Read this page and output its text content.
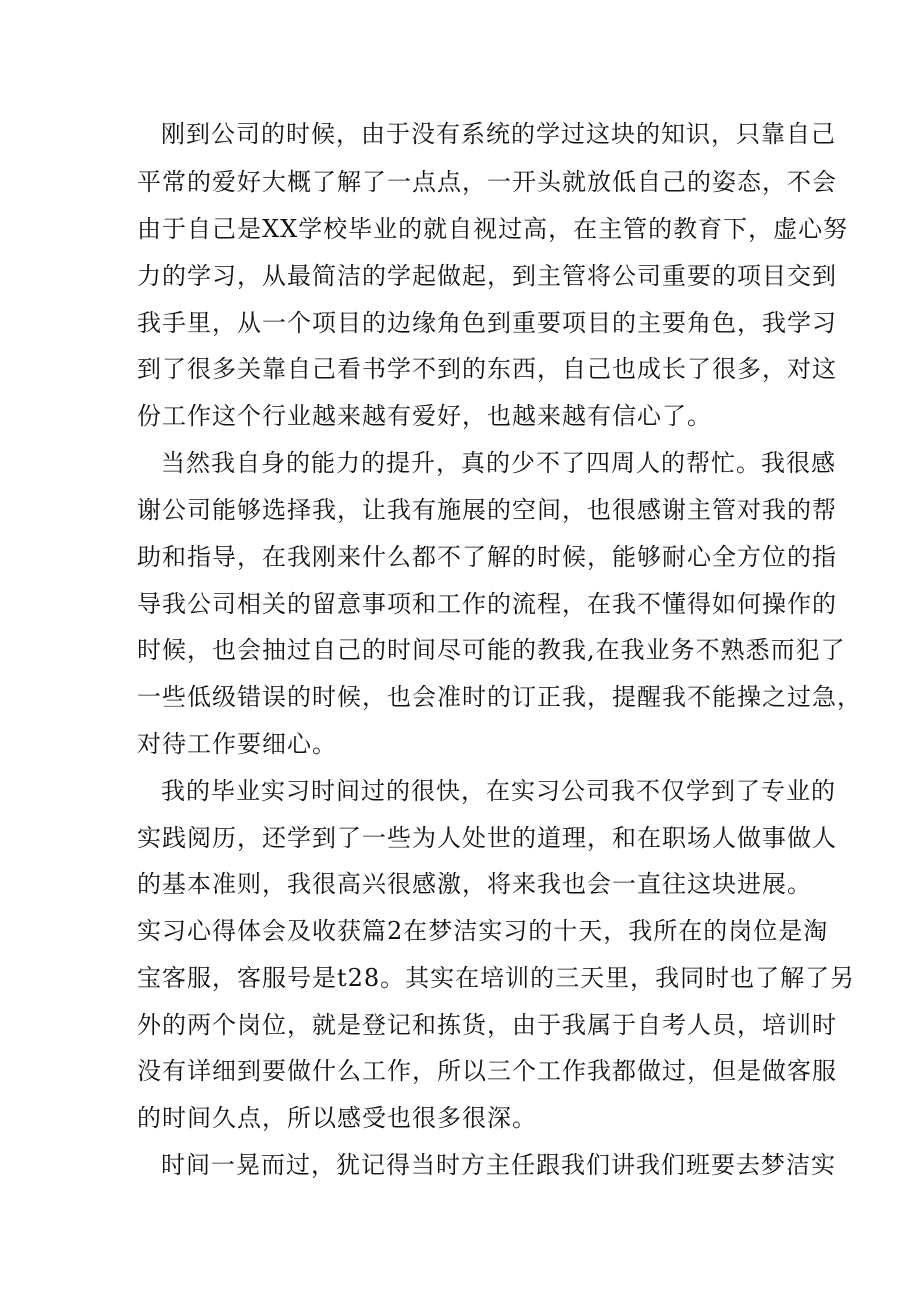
刚到公司的时候，由于没有系统的学过这块的知识，只靠自己

平常的爱好大概了解了一点点，一开头就放低自己的姿态，不会

由于自己是XX学校毕业的就自视过高，在主管的教育下，虚心努

力的学习，从最简洁的学起做起，到主管将公司重要的项目交到

我手里，从一个项目的边缘角色到重要项目的主要角色，我学习

到了很多关靠自己看书学不到的东西，自己也成长了很多，对这

份工作这个行业越来越有爱好，也越来越有信心了。

当然我自身的能力的提升，真的少不了四周人的帮忙。我很感

谢公司能够选择我，让我有施展的空间，也很感谢主管对我的帮

助和指导，在我刚来什么都不了解的时候，能够耐心全方位的指

导我公司相关的留意事项和工作的流程，在我不懂得如何操作的

时候，也会抽过自己的时间尽可能的教我,在我业务不熟悉而犯了

一些低级错误的时候，也会准时的订正我，提醒我不能操之过急，

对待工作要细心。

我的毕业实习时间过的很快，在实习公司我不仅学到了专业的

实践阅历，还学到了一些为人处世的道理，和在职场人做事做人

的基本准则，我很高兴很感激，将来我也会一直往这块进展。

实习心得体会及收获篇2在梦洁实习的十天，我所在的岗位是淘

宝客服，客服号是t28。其实在培训的三天里，我同时也了解了另

外的两个岗位，就是登记和拣货，由于我属于自考人员，培训时

没有详细到要做什么工作，所以三个工作我都做过，但是做客服

的时间久点，所以感受也很多很深。

时间一晃而过，犹记得当时方主任跟我们讲我们班要去梦洁实
